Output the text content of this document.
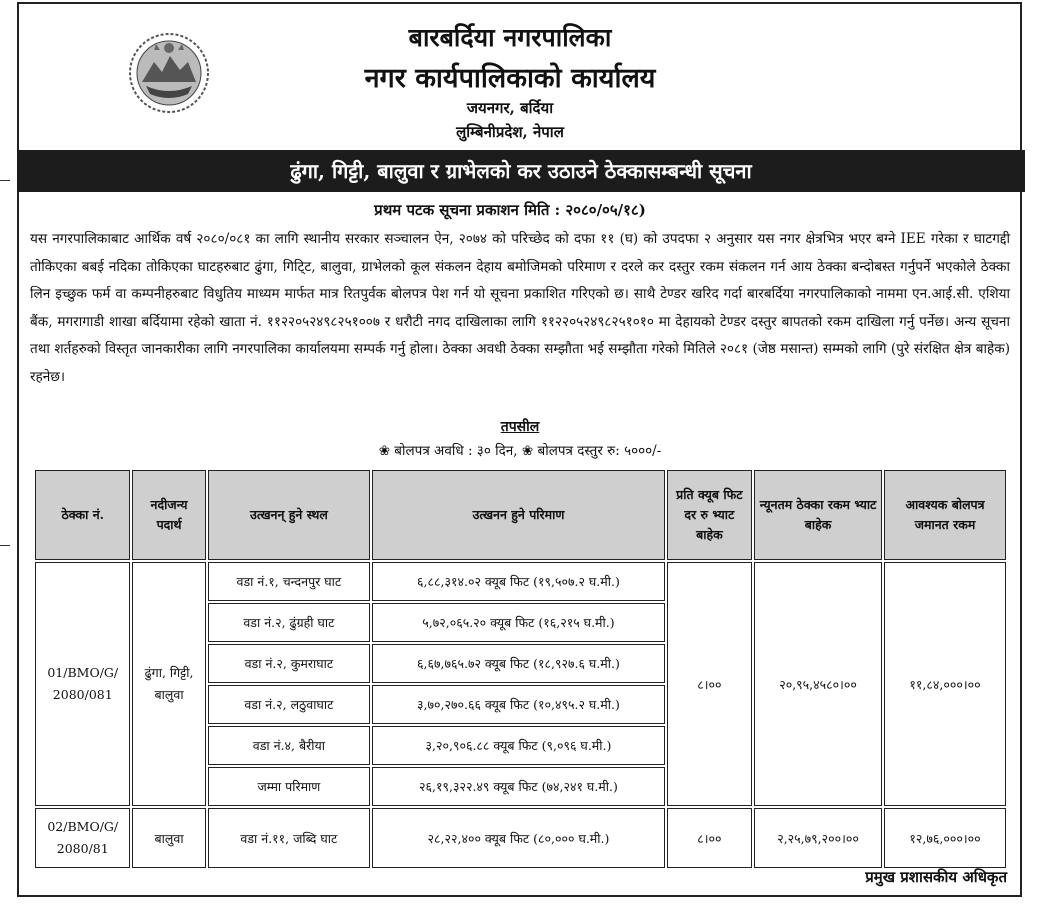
बारबर्दिया नगरपालिका
नगर कार्यपालिकाको कार्यालय
जयनगर, बर्दिया
लुम्बिनीप्रदेश, नेपाल
ढुंगा, गिट्टी, बालुवा र ग्राभेलको कर उठाउने ठेक्कासम्बन्धी सूचना
प्रथम पटक सूचना प्रकाशन मिति : २०८०/०५/१८)
यस नगरपालिकाबाट आर्थिक वर्ष २०८०/०८१ का लागि स्थानीय सरकार सञ्चालन ऐन, २०७४ को परिच्छेद को दफा ११ (घ) को उपदफा २ अनुसार यस नगर क्षेत्रभित्र भएर बग्ने IEE गरेका र घाटगद्दी तोकिएका बबई नदिका तोकिएका घाटहरुबाट ढुंगा, गिटि्ट, बालुवा, ग्राभेलको कूल संकलन देहाय बमोजिमको परिमाण र दरले कर दस्तुर रकम संकलन गर्न आय ठेक्का बन्दोबस्त गर्नुपर्ने भएकोले ठेक्का लिन इच्छुक फर्म वा कम्पनीहरुबाट विधुतिय माध्यम मार्फत मात्र रितपुर्वक बोलपत्र पेश गर्न यो सूचना प्रकाशित गरिएको छ। साथै टेण्डर खरिद गर्दा बारबर्दिया नगरपालिकाको नाममा एन.आई.सी. एशिया बैंक, मगरागाडी शाखा बर्दियामा रहेको खाता नं. ११२२०५२४९८२५१००७ र धरौटी नगद दाखिलाका लागि ११२२०५२४९८२५१०१० मा देहायको टेण्डर दस्तुर बापतको रकम दाखिला गर्नु पर्नेछ। अन्य सूचना तथा शर्तहरुको विस्तृत जानकारीका लागि नगरपालिका कार्यालयमा सम्पर्क गर्नु होला। ठेक्का अवधी ठेक्का सम्झौता भई सम्झौता गरेको मितिले २०८१ (जेष्ठ मसान्त) सम्मको लागि (पुरे संरक्षित क्षेत्र बाहेक) रहनेछ।
तपसील
❀ बोलपत्र अवधि : ३० दिन, ❀ बोलपत्र दस्तुर रु: ५०००/-
ठेक्का नं.	नदीजन्य पदार्थ	उत्खनन् हुने स्थल	उत्खनन हुने परिमाण	प्रति क्यूब फिट दर रु भ्याट बाहेक	न्यूनतम ठेक्का रकम भ्याट बाहेक	आवश्यक बोलपत्र जमानत रकम
01/BMO/G/ 2080/081	ढुंगा, गिट्टी, बालुवा	वडा नं.१, चन्दनपुर घाट	६,८८,३१४.०२ क्यूब फिट (१९,५०७.२ घ.मी.)	८।००	२०,९५,४५८०।००	११,८४,०००।००
		वडा नं.२, ढुंग्रही घाट	५,७२,०६५.२० क्यूब फिट (१६,२१५ घ.मी.)			
		वडा नं.२, कुमराघाट	६,६७,७६५.७२ क्यूब फिट (१८,९२७.६ घ.मी.)			
		वडा नं.२, लठुवाघाट	३,७०,२७०.६६ क्यूब फिट (१०,४९५.२ घ.मी.)			
		वडा नं.४, बैरीया	३,२०,९०६.८८ क्यूब फिट (९,०९६ घ.मी.)			
		जम्मा परिमाण	२६,१९,३२२.४९ क्यूब फिट (७४,२४१ घ.मी.)			
02/BMO/G/ 2080/81	बालुवा	वडा नं.११, जब्दि घाट	२८,२२,४०० क्यूब फिट (८०,००० घ.मी.)	८।००	२,२५,७९,२००।००	१२,७६,०००।००
प्रमुख प्रशासकीय अधिकृत
